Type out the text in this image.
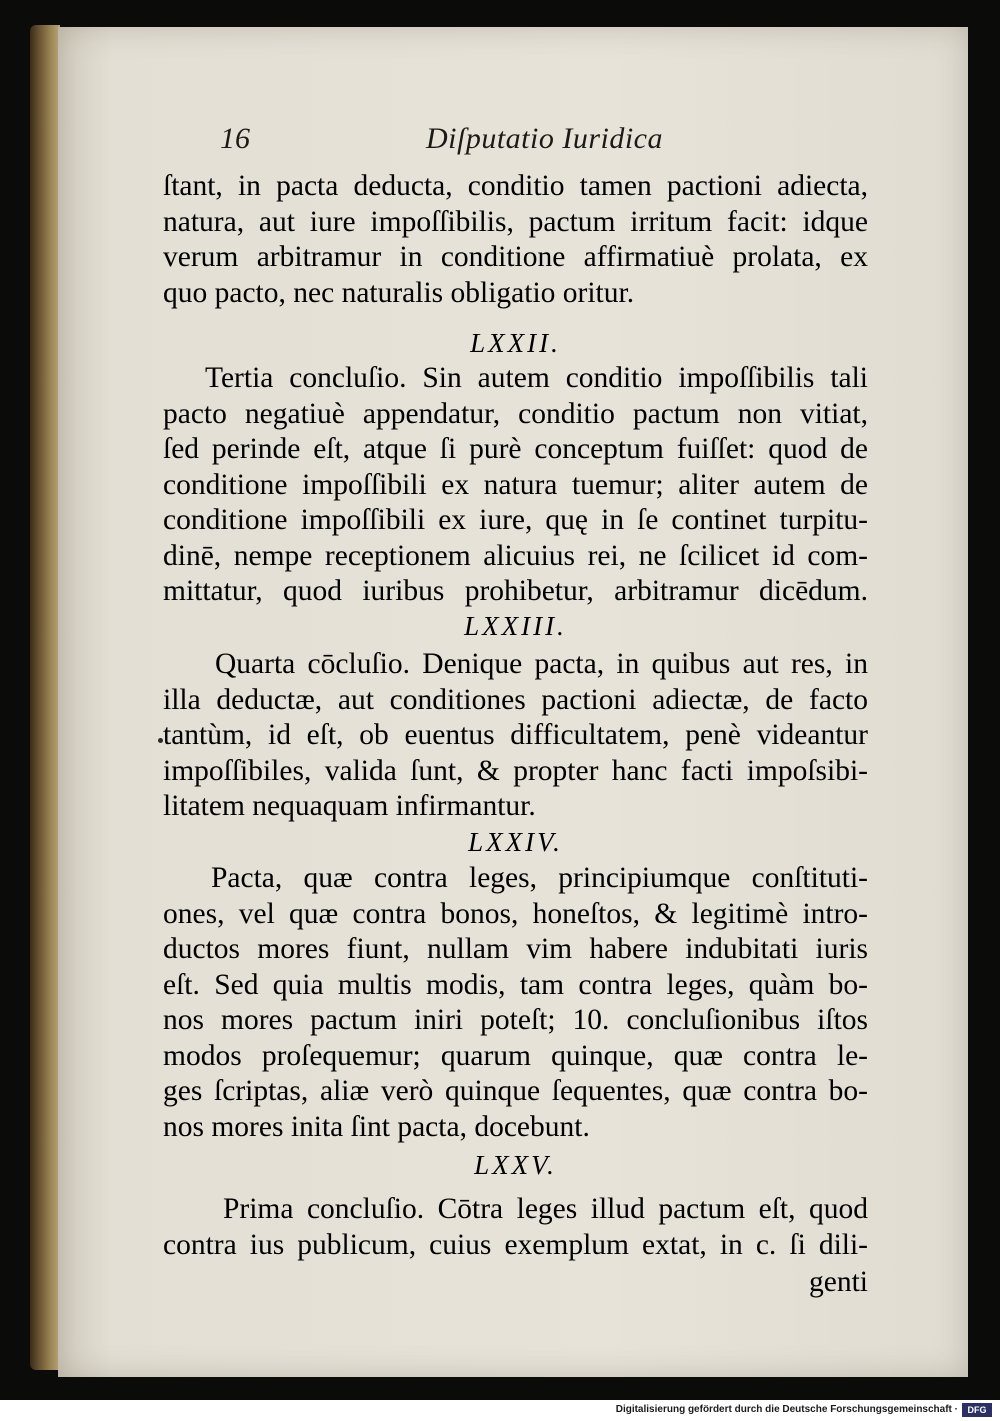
16	Diſputatio Iuridica
ſtant, in pacta deducta, conditio tamen pactioni adiecta,
natura, aut iure impoſſibilis, pactum irritum facit: idque
verum arbitramur in conditione affirmatiuè prolata, ex
quo pacto, nec naturalis obligatio oritur.
LXXII.
Tertia concluſio. Sin autem conditio impoſſibilis tali
pacto negatiuè appendatur, conditio pactum non vitiat,
ſed perinde eſt, atque ſi purè conceptum fuiſſet: quod de
conditione impoſſibili ex natura tuemur; aliter autem de
conditione impoſſibili ex iure, quę in ſe continet turpitu-
dinē, nempe receptionem alicuius rei, ne ſcilicet id com-
mittatur, quod iuribus prohibetur, arbitramur dicēdum.
LXXIII.
Quarta cōcluſio. Denique pacta, in quibus aut res, in
illa deductæ, aut conditiones pactioni adiectæ, de facto
tantùm, id eſt, ob euentus difficultatem, penè videantur
impoſſibiles, valida ſunt, & propter hanc facti impoſsibi-
litatem nequaquam infirmantur.
LXXIV.
Pacta, quæ contra leges, principiumque conſtituti-
ones, vel quæ contra bonos, honeſtos, & legitimè intro-
ductos mores fiunt, nullam vim habere indubitati iuris
eſt. Sed quia multis modis, tam contra leges, quàm bo-
nos mores pactum iniri poteſt; 10. concluſionibus iſtos
modos proſequemur; quarum quinque, quæ contra le-
ges ſcriptas, aliæ verò quinque ſequentes, quæ contra bo-
nos mores inita ſint pacta, docebunt.
LXXV.
Prima concluſio. Cōtra leges illud pactum eſt, quod
contra ius publicum, cuius exemplum extat, in c. ſi dili-
genti
Digitalisierung gefördert durch die Deutsche Forschungsgemeinschaft ·	DFG
